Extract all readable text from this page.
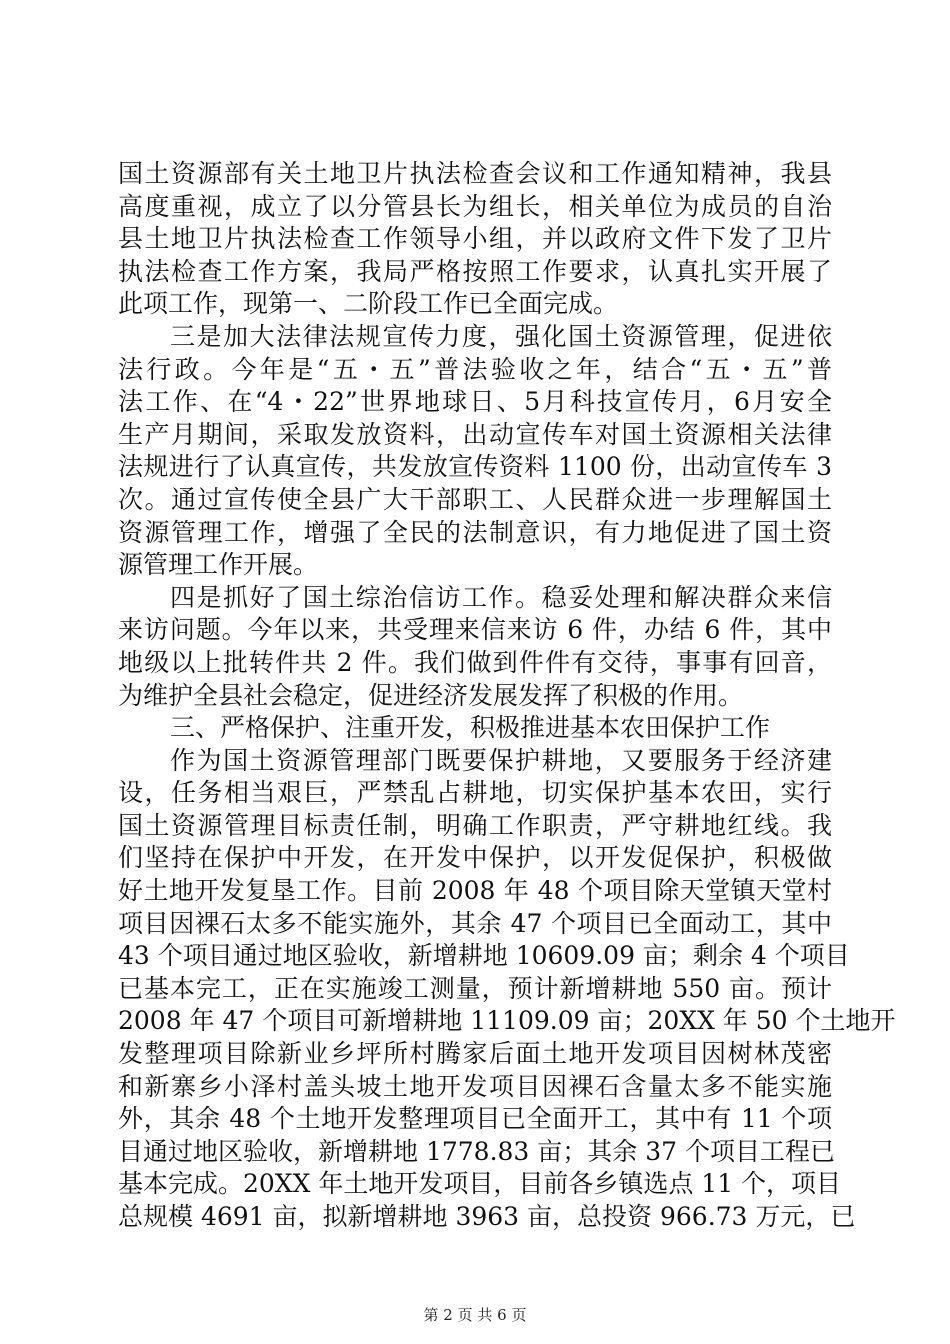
国土资源部有关土地卫片执法检查会议和工作通知精神，我县
高度重视，成立了以分管县长为组长，相关单位为成员的自治
县土地卫片执法检查工作领导小组，并以政府文件下发了卫片
执法检查工作方案，我局严格按照工作要求，认真扎实开展了
此项工作，现第一、二阶段工作已全面完成。
三是加大法律法规宣传力度，强化国土资源管理，促进依
法行政。今年是“五・五”普法验收之年，结合“五・五”普
法工作、在“4・22”世界地球日、5月科技宣传月，6月安全
生产月期间，采取发放资料，出动宣传车对国土资源相关法律
法规进行了认真宣传，共发放宣传资料 1100 份，出动宣传车 3
次。通过宣传使全县广大干部职工、人民群众进一步理解国土
资源管理工作，增强了全民的法制意识，有力地促进了国土资
源管理工作开展。
四是抓好了国土综治信访工作。稳妥处理和解决群众来信
来访问题。今年以来，共受理来信来访 6 件，办结 6 件，其中
地级以上批转件共 2 件。我们做到件件有交待，事事有回音，
为维护全县社会稳定，促进经济发展发挥了积极的作用。
三、严格保护、注重开发，积极推进基本农田保护工作
作为国土资源管理部门既要保护耕地，又要服务于经济建
设，任务相当艰巨，严禁乱占耕地，切实保护基本农田，实行
国土资源管理目标责任制，明确工作职责，严守耕地红线。我
们坚持在保护中开发，在开发中保护，以开发促保护，积极做
好土地开发复垦工作。目前 2008 年 48 个项目除天堂镇天堂村
项目因裸石太多不能实施外，其余 47 个项目已全面动工，其中
43 个项目通过地区验收，新增耕地 10609.09 亩；剩余 4 个项目
已基本完工，正在实施竣工测量，预计新增耕地 550 亩。预计
2008 年 47 个项目可新增耕地 11109.09 亩；20XX 年 50 个土地开
发整理项目除新业乡坪所村腾家后面土地开发项目因树林茂密
和新寨乡小泽村盖头坡土地开发项目因裸石含量太多不能实施
外，其余 48 个土地开发整理项目已全面开工，其中有 11 个项
目通过地区验收，新增耕地 1778.83 亩；其余 37 个项目工程已
基本完成。20XX 年土地开发项目，目前各乡镇选点 11 个，项目
总规模 4691 亩，拟新增耕地 3963 亩，总投资 966.73 万元，已
第 2 页 共 6 页
